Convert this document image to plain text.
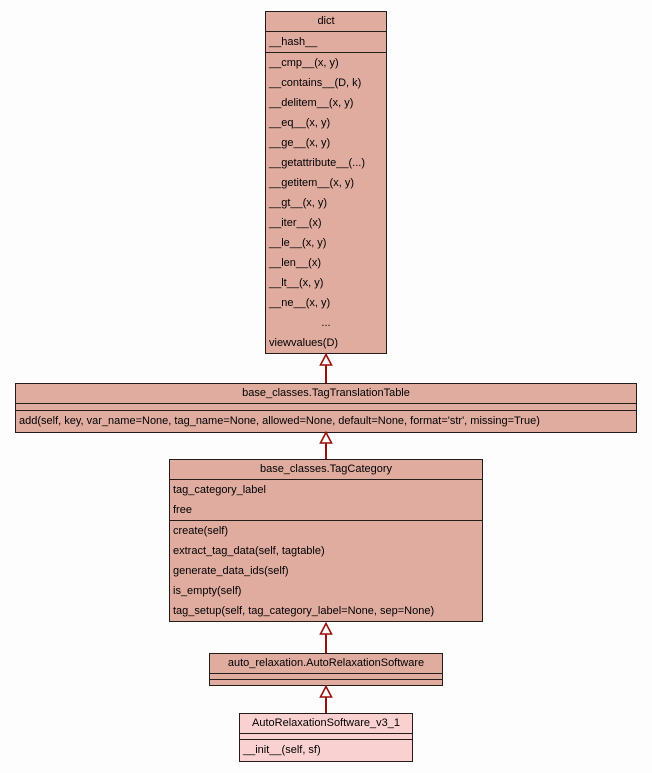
dict
__hash__
__cmp__(x, y)
__contains__(D, k)
__delitem__(x, y)
__eq__(x, y)
__ge__(x, y)
__getattribute__(...)
__getitem__(x, y)
__gt__(x, y)
__iter__(x)
__le__(x, y)
__len__(x)
__lt__(x, y)
__ne__(x, y)
...
viewvalues(D)
base_classes.TagTranslationTable
add(self, key, var_name=None, tag_name=None, allowed=None, default=None, format='str', missing=True)
base_classes.TagCategory
tag_category_label
free
create(self)
extract_tag_data(self, tagtable)
generate_data_ids(self)
is_empty(self)
tag_setup(self, tag_category_label=None, sep=None)
auto_relaxation.AutoRelaxationSoftware
AutoRelaxationSoftware_v3_1
__init__(self, sf)
